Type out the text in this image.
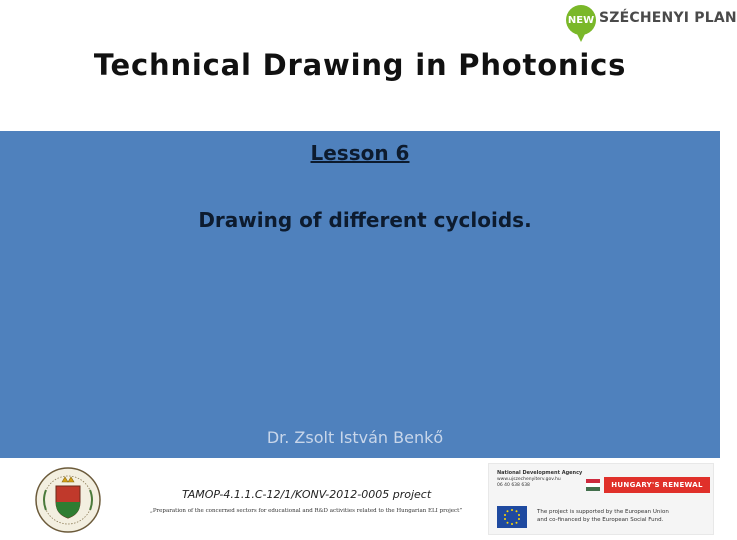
NEW SZÉCHENYI PLAN
Technical Drawing in Photonics
Lesson 6
Drawing of different cycloids.
Dr. Zsolt István Benkő
TAMOP-4.1.1.C-12/1/KONV-2012-0005 project
„Preparation of the concerned sectors for educational and R&D activities related to the Hungarian ELI project”
National Development Agency
www.ujszechenyiterv.gov.hu
06 40 638 638	HUNGARY'S RENEWAL
The project is supported by the European Union
and co-financed by the European Social Fund.
